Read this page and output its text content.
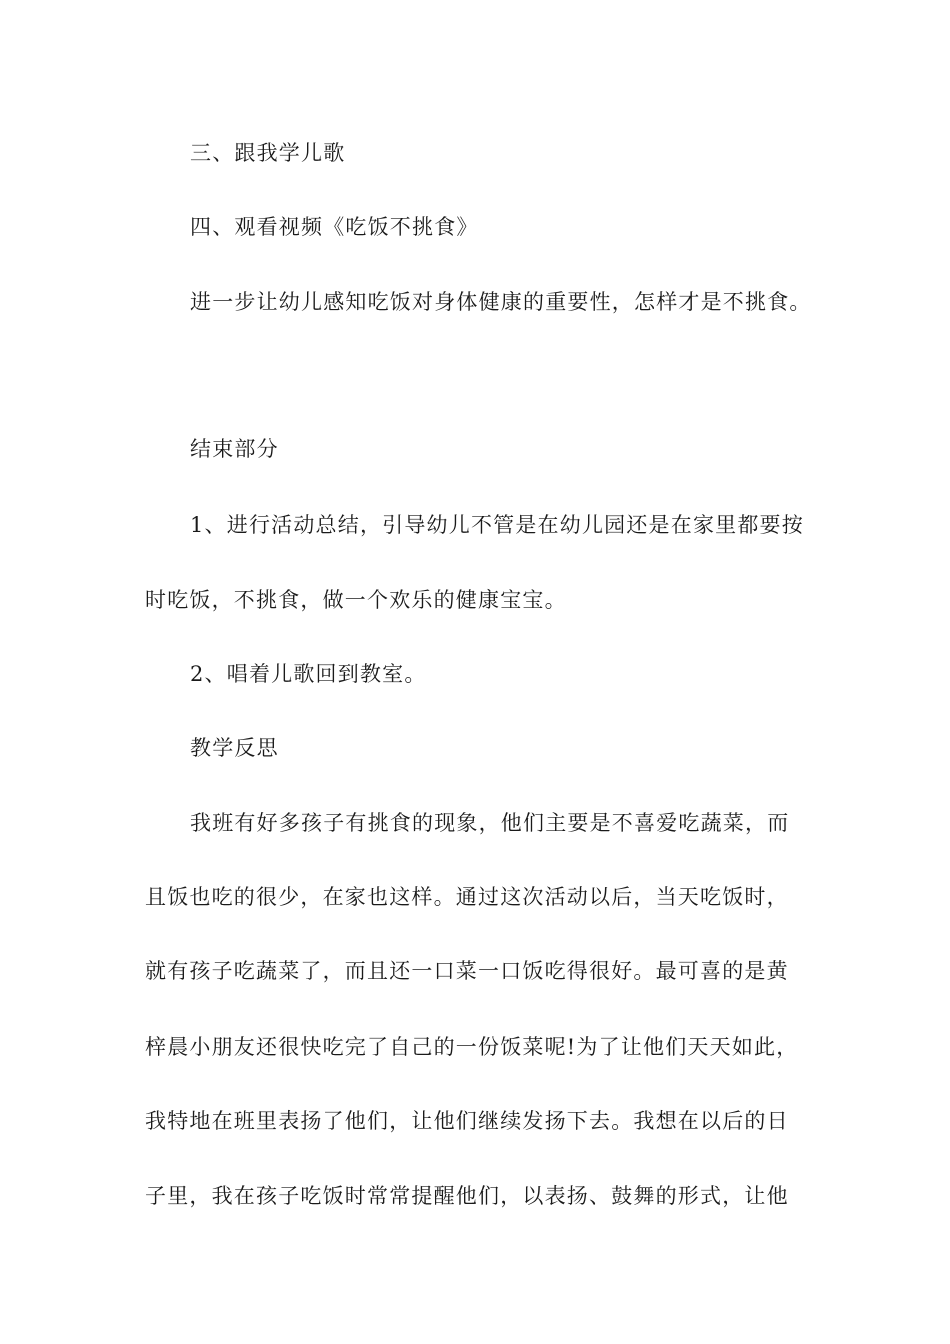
三、跟我学儿歌
四、观看视频《吃饭不挑食》
进一步让幼儿感知吃饭对身体健康的重要性，怎样才是不挑食。
结束部分
1、进行活动总结，引导幼儿不管是在幼儿园还是在家里都要按
时吃饭，不挑食，做一个欢乐的健康宝宝。
2、唱着儿歌回到教室。
教学反思
我班有好多孩子有挑食的现象，他们主要是不喜爱吃蔬菜，而
且饭也吃的很少，在家也这样。通过这次活动以后，当天吃饭时，
就有孩子吃蔬菜了，而且还一口菜一口饭吃得很好。最可喜的是黄
梓晨小朋友还很快吃完了自己的一份饭菜呢!为了让他们天天如此，
我特地在班里表扬了他们，让他们继续发扬下去。我想在以后的日
子里，我在孩子吃饭时常常提醒他们，以表扬、鼓舞的形式，让他
